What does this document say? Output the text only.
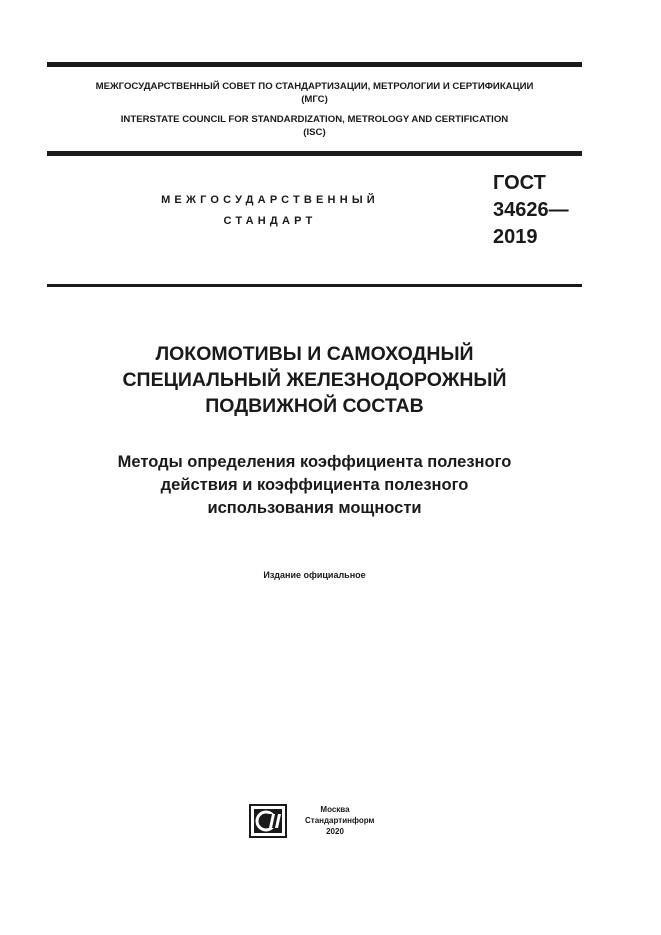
МЕЖГОСУДАРСТВЕННЫЙ СОВЕТ ПО СТАНДАРТИЗАЦИИ, МЕТРОЛОГИИ И СЕРТИФИКАЦИИ
(МГС)
INTERSTATE COUNCIL FOR STANDARDIZATION, METROLOGY AND CERTIFICATION
(ISC)
МЕЖГОСУДАРСТВЕННЫЙ
СТАНДАРТ
ГОСТ
34626—
2019
ЛОКОМОТИВЫ И САМОХОДНЫЙ
СПЕЦИАЛЬНЫЙ ЖЕЛЕЗНОДОРОЖНЫЙ
ПОДВИЖНОЙ СОСТАВ
Методы определения коэффициента полезного
действия и коэффициента полезного
использования мощности
Издание официальное
Москва
Стандартинформ
2020
